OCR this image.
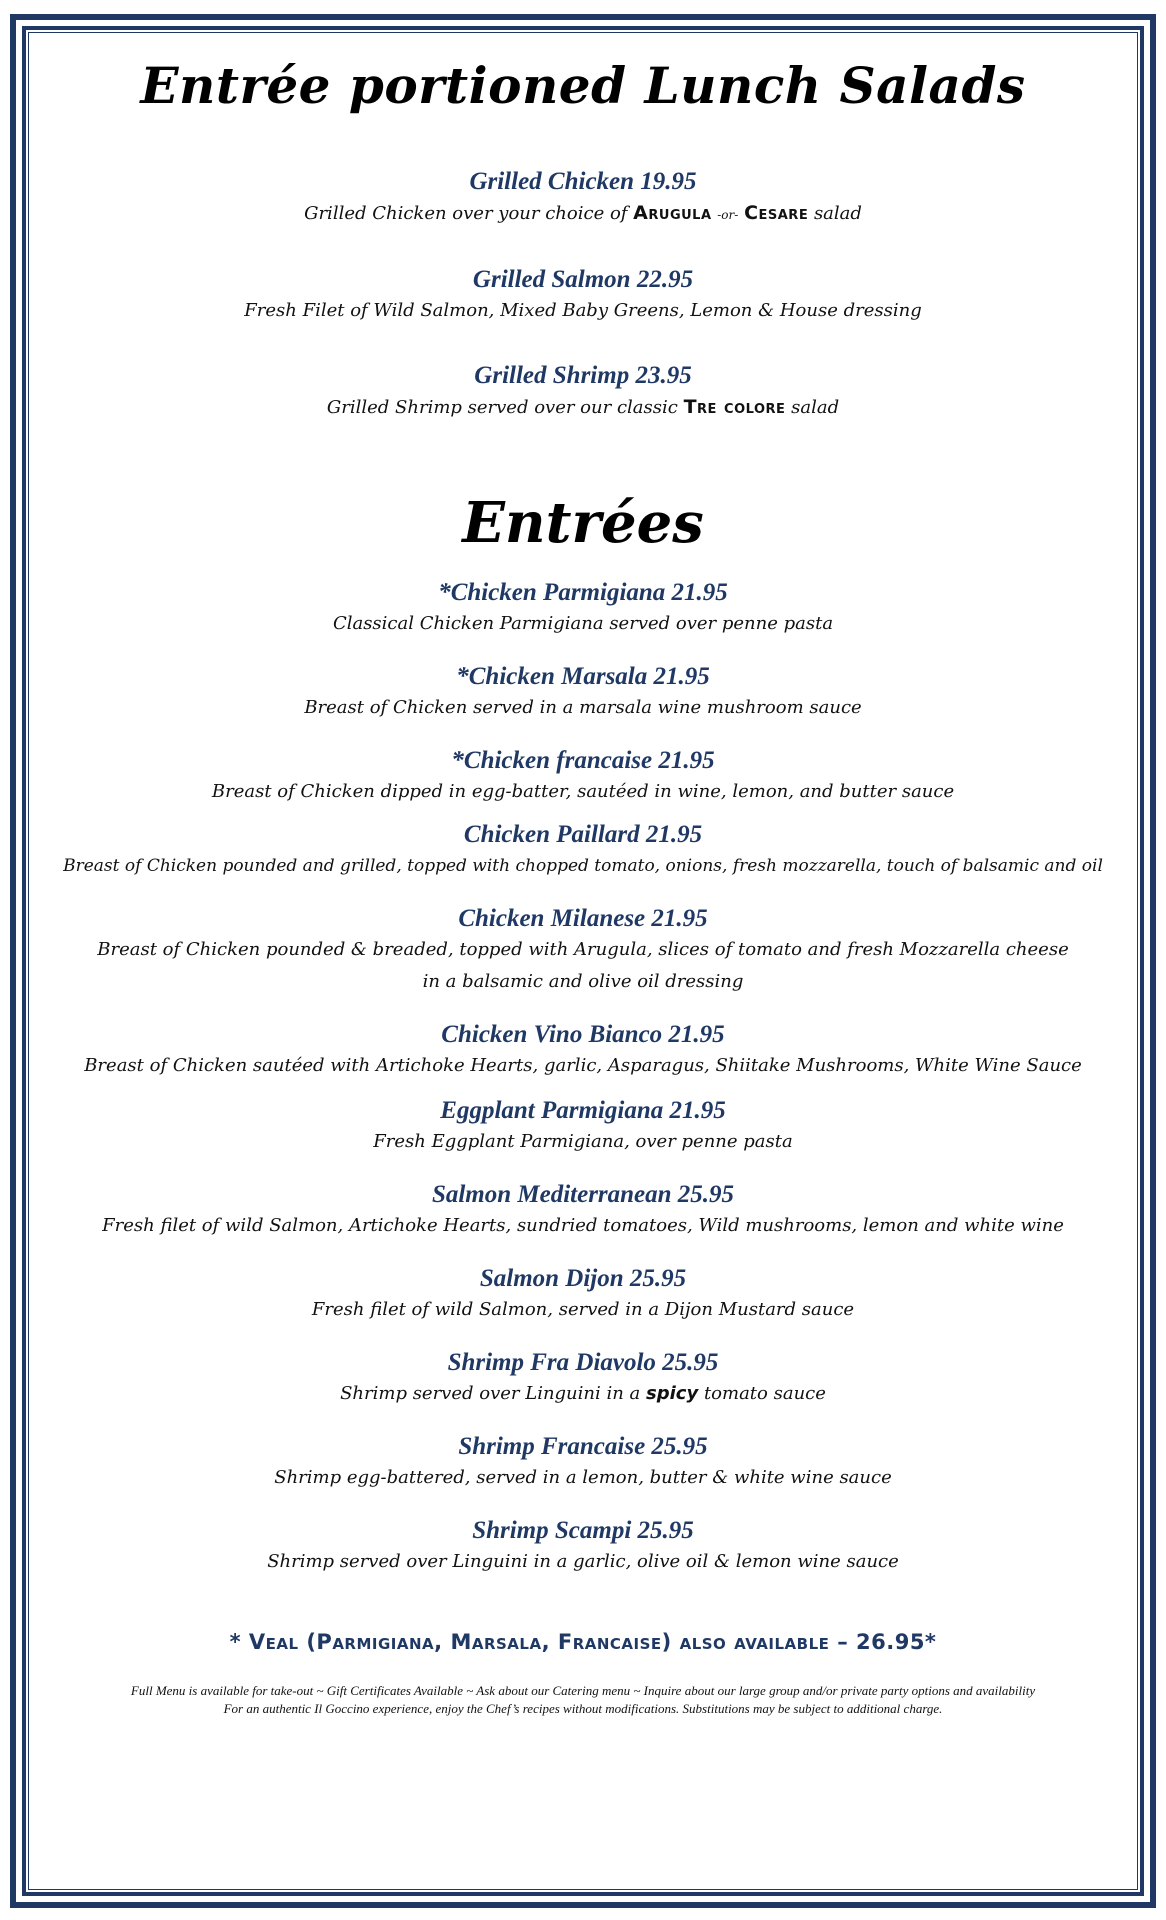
Entrée portioned Lunch Salads

Grilled Chicken 19.95

Grilled Chicken over your choice of Arugula -or- Cesare salad

Grilled Salmon 22.95

Fresh Filet of Wild Salmon, Mixed Baby Greens, Lemon & House dressing

Grilled Shrimp 23.95

Grilled Shrimp served over our classic Tre colore salad

Entrées

*Chicken Parmigiana 21.95

Classical Chicken Parmigiana served over penne pasta

*Chicken Marsala 21.95

Breast of Chicken served in a marsala wine mushroom sauce

*Chicken francaise 21.95

Breast of Chicken dipped in egg-batter, sautéed in wine, lemon, and butter sauce

Chicken Paillard 21.95

Breast of Chicken pounded and grilled, topped with chopped tomato, onions, fresh mozzarella, touch of balsamic and oil

Chicken Milanese 21.95

Breast of Chicken pounded & breaded, topped with Arugula, slices of tomato and fresh Mozzarella cheese

in a balsamic and olive oil dressing

Chicken Vino Bianco 21.95

Breast of Chicken sautéed with Artichoke Hearts, garlic, Asparagus, Shiitake Mushrooms, White Wine Sauce

Eggplant Parmigiana 21.95

Fresh Eggplant Parmigiana, over penne pasta

Salmon Mediterranean 25.95

Fresh filet of wild Salmon, Artichoke Hearts, sundried tomatoes, Wild mushrooms, lemon and white wine

Salmon Dijon 25.95

Fresh filet of wild Salmon, served in a Dijon Mustard sauce

Shrimp Fra Diavolo 25.95

Shrimp served over Linguini in a spicy tomato sauce

Shrimp Francaise 25.95

Shrimp egg-battered, served in a lemon, butter & white wine sauce

Shrimp Scampi 25.95

Shrimp served over Linguini in a garlic, olive oil & lemon wine sauce

* Veal (Parmigiana, Marsala, Francaise) also available – 26.95*

Full Menu is available for take-out ~ Gift Certificates Available ~ Ask about our Catering menu ~ Inquire about our large group and/or private party options and availability

For an authentic Il Goccino experience, enjoy the Chef’s recipes without modifications. Substitutions may be subject to additional charge.
